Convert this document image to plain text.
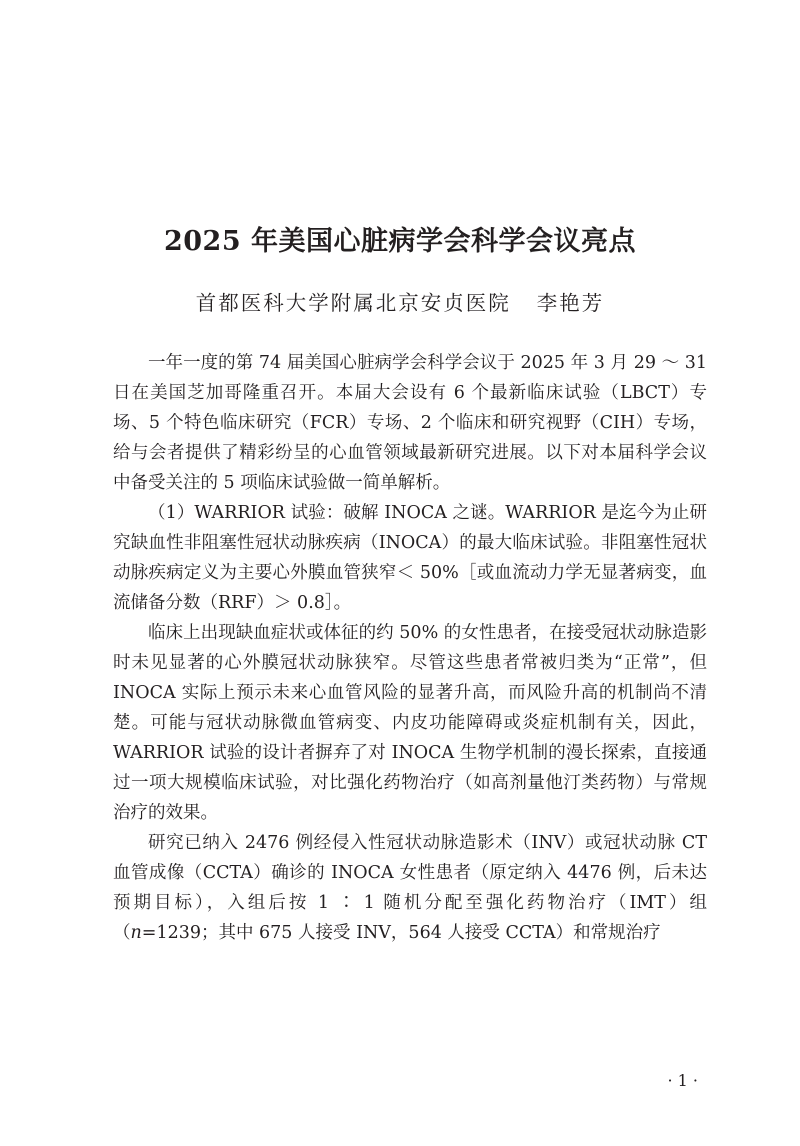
2025 年美国心脏病学会科学会议亮点

首都医科大学附属北京安贞医院 李艳芳

一年一度的第 74 届美国心脏病学会科学会议于 2025 年 3 月 29 ～ 31 日在美国芝加哥隆重召开。本届大会设有 6 个最新临床试验（LBCT）专场、5 个特色临床研究（FCR）专场、2 个临床和研究视野（CIH）专场，给与会者提供了精彩纷呈的心血管领域最新研究进展。以下对本届科学会议中备受关注的 5 项临床试验做一简单解析。

（1）WARRIOR 试验：破解 INOCA 之谜。WARRIOR 是迄今为止研究缺血性非阻塞性冠状动脉疾病（INOCA）的最大临床试验。非阻塞性冠状动脉疾病定义为主要心外膜血管狭窄＜ 50%［或血流动力学无显著病变，血流储备分数（RRF）＞ 0.8］。

临床上出现缺血症状或体征的约 50% 的女性患者，在接受冠状动脉造影时未见显著的心外膜冠状动脉狭窄。尽管这些患者常被归类为“正常”，但 INOCA 实际上预示未来心血管风险的显著升高，而风险升高的机制尚不清楚。可能与冠状动脉微血管病变、内皮功能障碍或炎症机制有关，因此，WARRIOR 试验的设计者摒弃了对 INOCA 生物学机制的漫长探索，直接通过一项大规模临床试验，对比强化药物治疗（如高剂量他汀类药物）与常规治疗的效果。

研究已纳入 2476 例经侵入性冠状动脉造影术（INV）或冠状动脉 CT 血管成像（CCTA）确诊的 INOCA 女性患者（原定纳入 4476 例，后未达预期目标），入组后按 1 ∶ 1 随机分配至强化药物治疗（IMT）组（n=1239；其中 675 人接受 INV，564 人接受 CCTA）和常规治疗

· 1 ·
